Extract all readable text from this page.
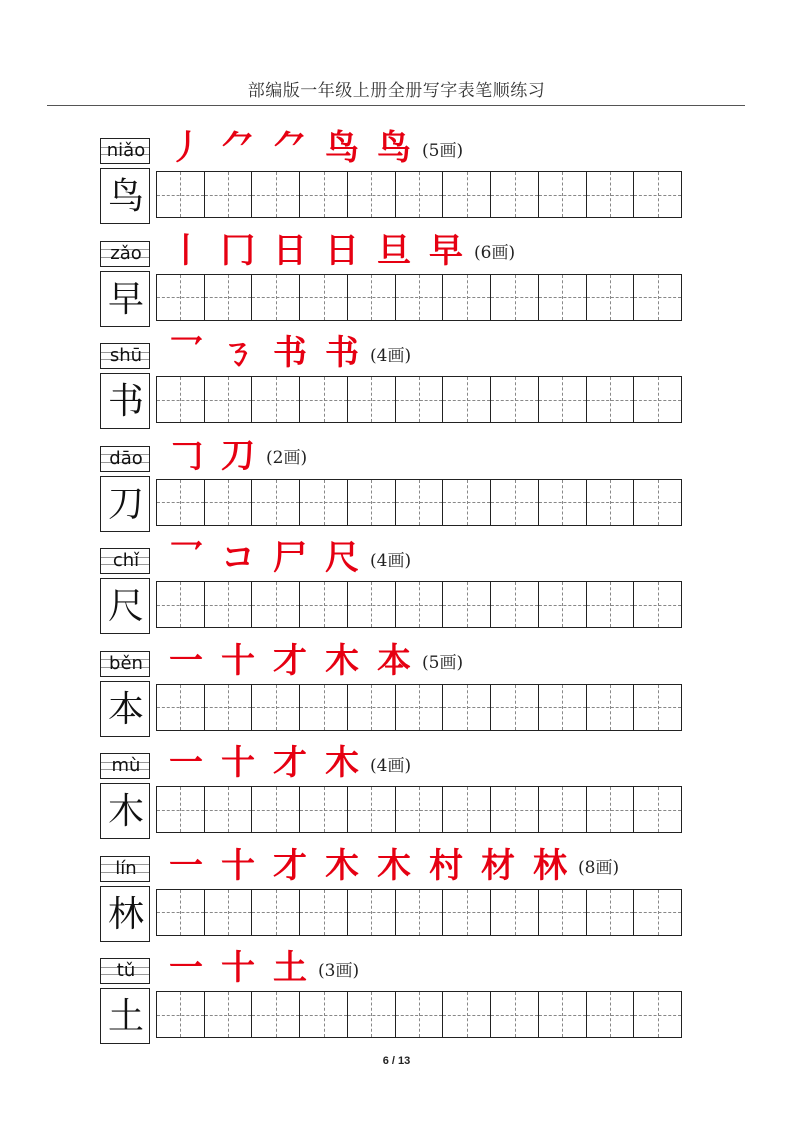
部编版一年级上册全册写字表笔顺练习
niǎo
鸟
丿 ⺈ ⺈ 鸟 鸟 (5画)
zǎo
早
丨 冂 日 日 旦 早 (6画)
shū
书
乛 ㄋ 书 书 (4画)
dāo
刀
𠃌 刀 (2画)
chǐ
尺
乛 コ 尸 尺 (4画)
běn
本
一 十 才 木 本 (5画)
mù
木
一 十 才 木 (4画)
lín
林
一 十 才 木 木 村 材 林 (8画)
tǔ
土
一 十 土 (3画)
6 / 13
